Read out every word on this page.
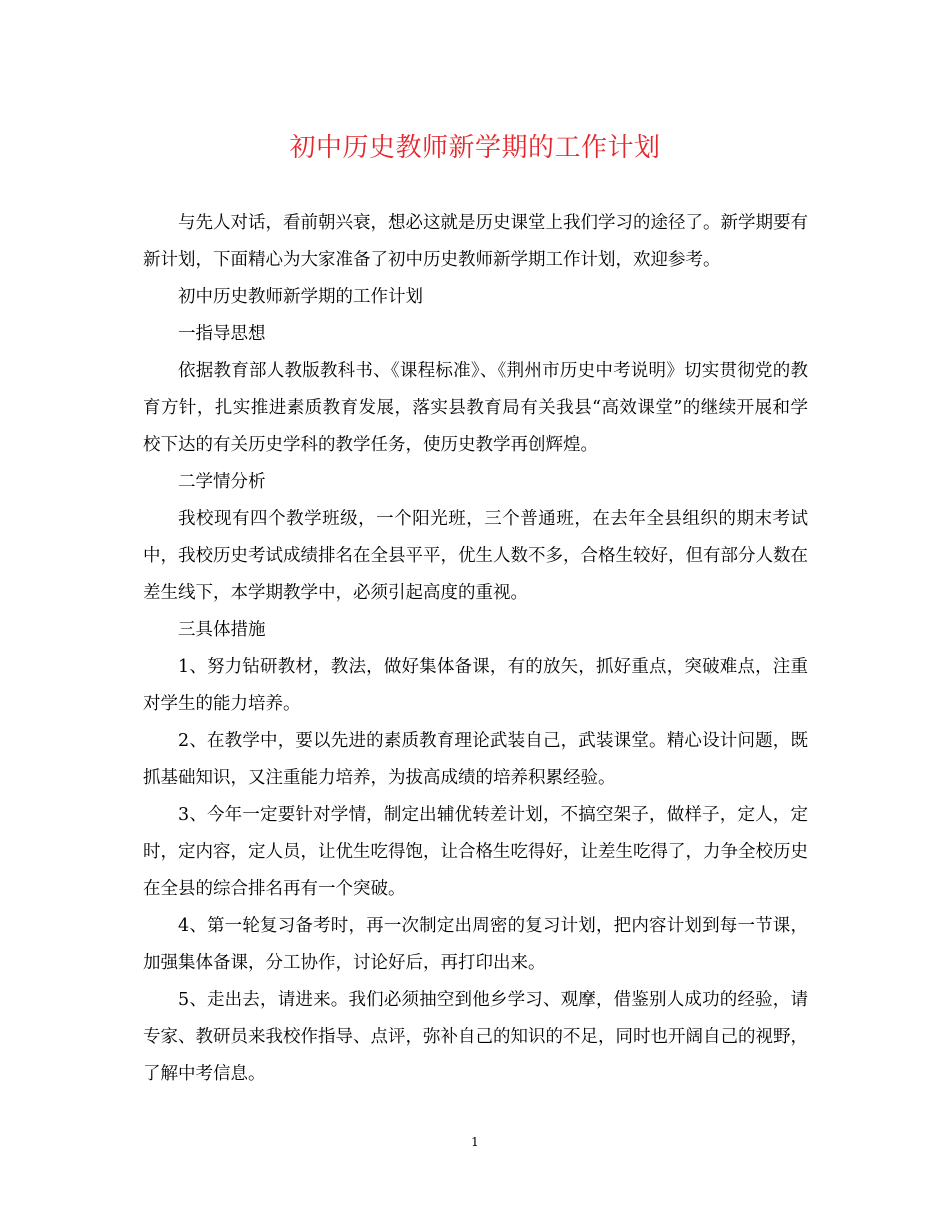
初中历史教师新学期的工作计划

与先人对话，看前朝兴衰，想必这就是历史课堂上我们学习的途径了。新学期要有新计划，下面精心为大家准备了初中历史教师新学期工作计划，欢迎参考。

初中历史教师新学期的工作计划

一指导思想

依据教育部人教版教科书、《课程标准》、《荆州市历史中考说明》切实贯彻党的教育方针，扎实推进素质教育发展，落实县教育局有关我县“高效课堂”的继续开展和学校下达的有关历史学科的教学任务，使历史教学再创辉煌。

二学情分析

我校现有四个教学班级，一个阳光班，三个普通班，在去年全县组织的期末考试中，我校历史考试成绩排名在全县平平，优生人数不多，合格生较好，但有部分人数在差生线下，本学期教学中，必须引起高度的重视。

三具体措施

1、努力钻研教材，教法，做好集体备课，有的放矢，抓好重点，突破难点，注重对学生的能力培养。

2、在教学中，要以先进的素质教育理论武装自己，武装课堂。精心设计问题，既抓基础知识，又注重能力培养，为拔高成绩的培养积累经验。

3、今年一定要针对学情，制定出辅优转差计划，不搞空架子，做样子，定人，定时，定内容，定人员，让优生吃得饱，让合格生吃得好，让差生吃得了，力争全校历史在全县的综合排名再有一个突破。

4、第一轮复习备考时，再一次制定出周密的复习计划，把内容计划到每一节课，加强集体备课，分工协作，讨论好后，再打印出来。

5、走出去，请进来。我们必须抽空到他乡学习、观摩，借鉴别人成功的经验，请专家、教研员来我校作指导、点评，弥补自己的知识的不足，同时也开阔自己的视野，了解中考信息。

1
